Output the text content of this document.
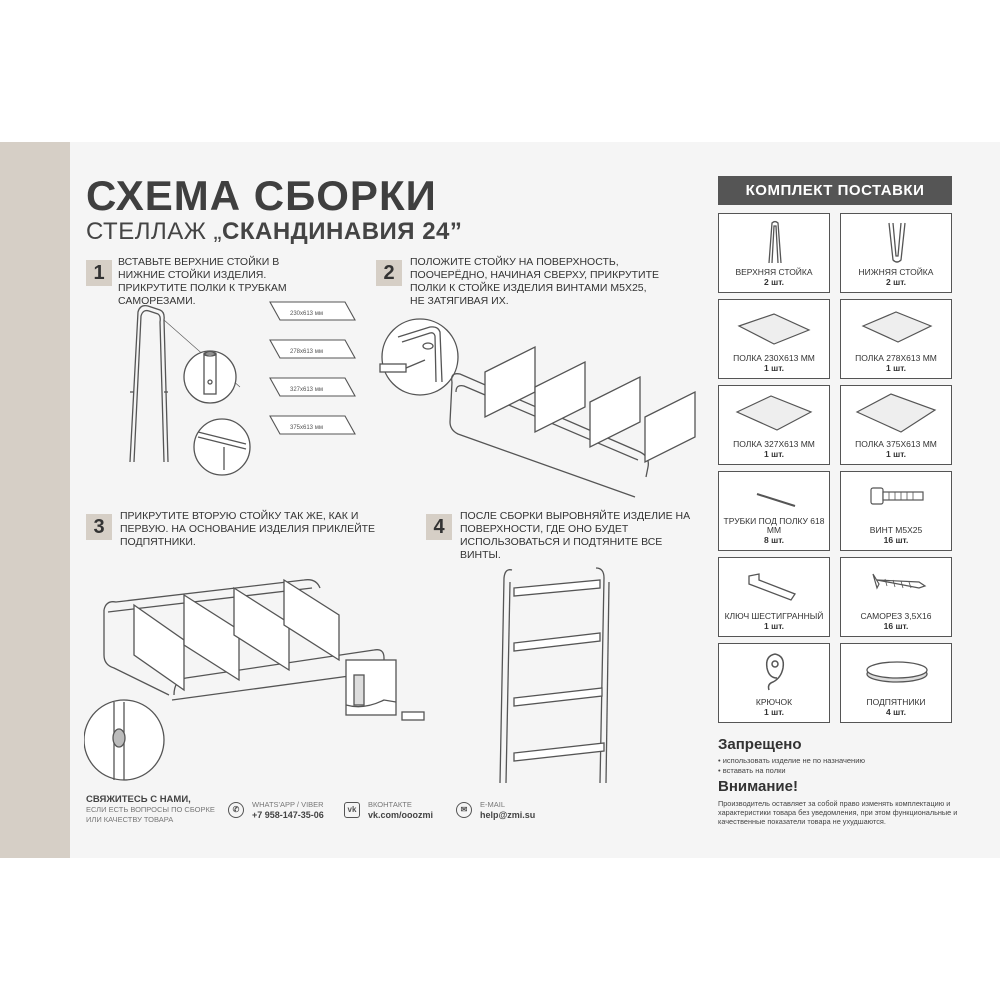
СХЕМА СБОРКИ
СТЕЛЛАЖ „СКАНДИНАВИЯ 24”
1	ВСТАВЬТЕ ВЕРХНИЕ СТОЙКИ В НИЖНИЕ СТОЙКИ ИЗДЕЛИЯ. ПРИКРУТИТЕ ПОЛКИ К ТРУБКАМ САМОРЕЗАМИ.
2	ПОЛОЖИТЕ СТОЙКУ НА ПОВЕРХНОСТЬ, ПООЧЕРЁДНО, НАЧИНАЯ СВЕРХУ, ПРИКРУТИТЕ ПОЛКИ К СТОЙКЕ ИЗДЕЛИЯ ВИНТАМИ М5Х25, НЕ ЗАТЯГИВАЯ ИХ.
3	ПРИКРУТИТЕ ВТОРУЮ СТОЙКУ ТАК ЖЕ, КАК И ПЕРВУЮ. НА ОСНОВАНИЕ ИЗДЕЛИЯ ПРИКЛЕЙТЕ ПОДПЯТНИКИ.
4	ПОСЛЕ СБОРКИ ВЫРОВНЯЙТЕ ИЗДЕЛИЕ НА ПОВЕРХНОСТИ, ГДЕ ОНО БУДЕТ ИСПОЛЬЗОВАТЬСЯ И ПОДТЯНИТЕ ВСЕ ВИНТЫ.
230х613 мм
278х613 мм
327х613 мм
375х613 мм
СВЯЖИТЕСЬ С НАМИ,
ЕСЛИ ЕСТЬ ВОПРОСЫ ПО СБОРКЕ ИЛИ КАЧЕСТВУ ТОВАРА
✆
WHATS'APP / VIBER
+7 958-147-35-06
vk
ВКОНТАКТЕ
vk.com/ooozmi
✉
E-MAIL
help@zmi.su
КОМПЛЕКТ ПОСТАВКИ
ВЕРХНЯЯ СТОЙКА
2 шт.
НИЖНЯЯ СТОЙКА
2 шт.
ПОЛКА 230Х613 ММ
1 шт.
ПОЛКА 278Х613 ММ
1 шт.
ПОЛКА 327Х613 ММ
1 шт.
ПОЛКА 375Х613 ММ
1 шт.
ТРУБКИ ПОД ПОЛКУ 618 ММ
8 шт.
ВИНТ М5Х25
16 шт.
КЛЮЧ ШЕСТИГРАННЫЙ
1 шт.
САМОРЕЗ 3,5Х16
16 шт.
КРЮЧОК
1 шт.
ПОДПЯТНИКИ
4 шт.
Запрещено
• использовать изделие не по назначению
• вставать на полки
Внимание!
Производитель оставляет за собой право изменять комплектацию и характеристики товара без уведомления, при этом функциональные и качественные показатели товара не ухудшаются.
